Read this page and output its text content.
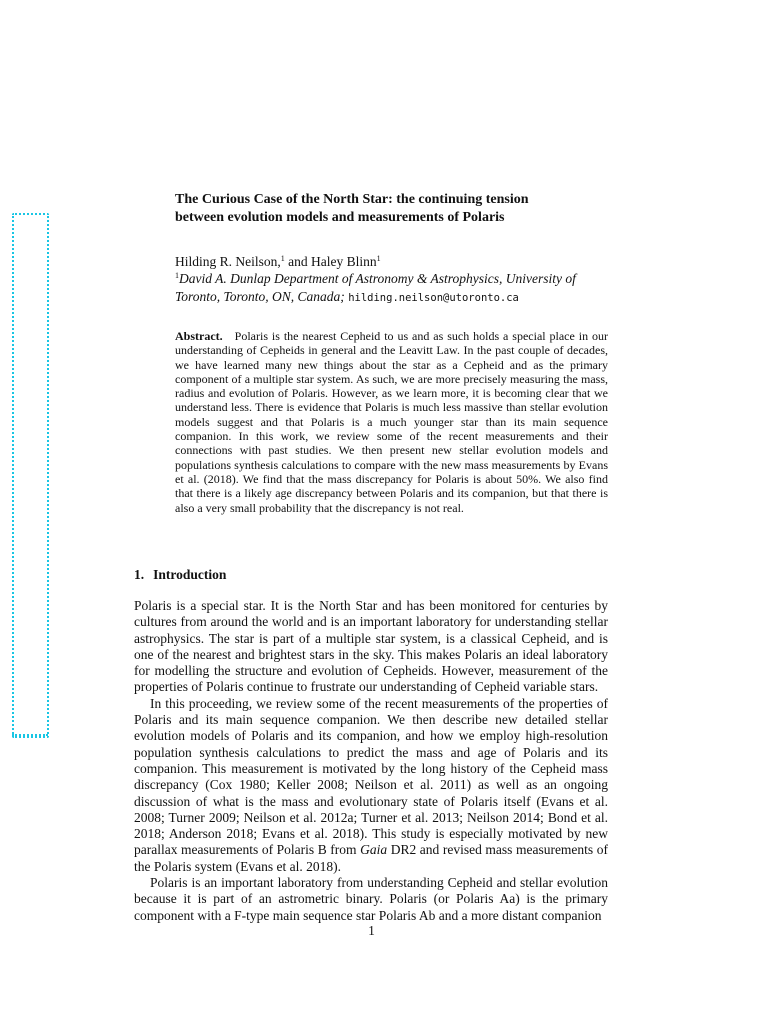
The Curious Case of the North Star: the continuing tension
between evolution models and measurements of Polaris

Hilding R. Neilson,$^1$ and Haley Blinn$^1$

$^1$David A. Dunlap Department of Astronomy & Astrophysics, University of Toronto, Toronto, ON, Canada; hilding.neilson@utoronto.ca

Abstract. Polaris is the nearest Cepheid to us and as such holds a special place in our understanding of Cepheids in general and the Leavitt Law. In the past couple of decades, we have learned many new things about the star as a Cepheid and as the primary component of a multiple star system. As such, we are more precisely measuring the mass, radius and evolution of Polaris. However, as we learn more, it is becoming clear that we understand less. There is evidence that Polaris is much less massive than stellar evolution models suggest and that Polaris is a much younger star than its main sequence companion. In this work, we review some of the recent measurements and their connections with past studies. We then present new stellar evolution models and populations synthesis calculations to compare with the new mass measurements by Evans et al. (2018). We find that the mass discrepancy for Polaris is about 50%. We also find that there is a likely age discrepancy between Polaris and its companion, but that there is also a very small probability that the discrepancy is not real.

1. Introduction

Polaris is a special star. It is the North Star and has been monitored for centuries by cultures from around the world and is an important laboratory for understanding stellar astrophysics. The star is part of a multiple star system, is a classical Cepheid, and is one of the nearest and brightest stars in the sky. This makes Polaris an ideal laboratory for modelling the structure and evolution of Cepheids. However, measurement of the properties of Polaris continue to frustrate our understanding of Cepheid variable stars.

In this proceeding, we review some of the recent measurements of the properties of Polaris and its main sequence companion. We then describe new detailed stellar evolution models of Polaris and its companion, and how we employ high-resolution population synthesis calculations to predict the mass and age of Polaris and its companion. This measurement is motivated by the long history of the Cepheid mass discrepancy (Cox 1980; Keller 2008; Neilson et al. 2011) as well as an ongoing discussion of what is the mass and evolutionary state of Polaris itself (Evans et al. 2008; Turner 2009; Neilson et al. 2012a; Turner et al. 2013; Neilson 2014; Bond et al. 2018; Anderson 2018; Evans et al. 2018). This study is especially motivated by new parallax measurements of Polaris B from Gaia DR2 and revised mass measurements of the Polaris system (Evans et al. 2018).

Polaris is an important laboratory from understanding Cepheid and stellar evolution because it is part of an astrometric binary. Polaris (or Polaris Aa) is the primary component with a F-type main sequence star Polaris Ab and a more distant companion

1
